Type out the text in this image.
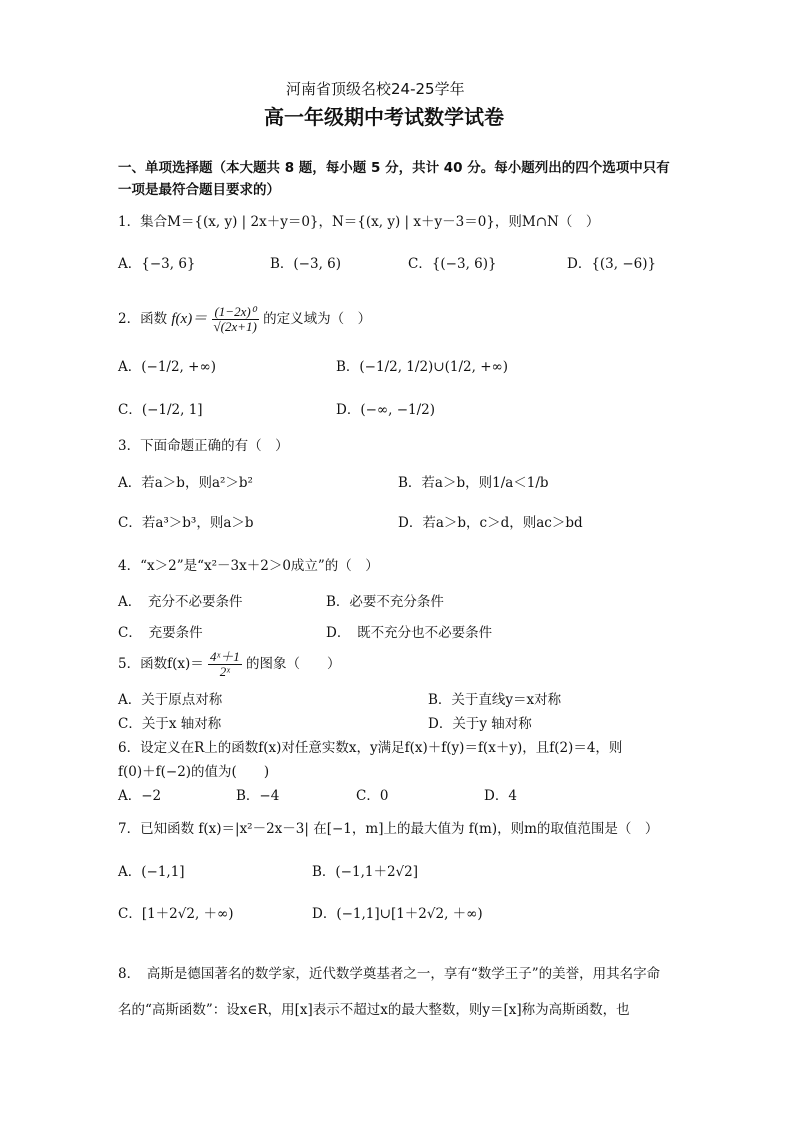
河南省顶级名校24-25学年
高一年级期中考试数学试卷
一、单项选择题（本大题共 8 题，每小题 5 分，共计 40 分。每小题列出的四个选项中只有
一项是最符合题目要求的）
1．集合M＝{(x, y) | 2x＋y＝0}，N＝{(x, y) | x＋y－3＝0}，则M∩N（　）
A．{−3, 6}	B．(−3, 6)	C．{(−3, 6)}	D．{(3, −6)}
2．函数 $f(x)= \frac{\text{(1−2x)⁰}}{√(2x+1)}$ 的定义域为（　）
A．(−1/2, +∞)	B．(−1/2, 1/2)∪(1/2, +∞)
C．(−1/2, 1]	D．(−∞, −1/2)
3．下面命题正确的有（　）
A．若a＞b，则a²＞b²	B．若a＞b，则1/a＜1/b
C．若a³＞b³，则a＞b	D．若a＞b，c＞d，则ac＞bd
4．“x＞2”是“x²－3x＋2＞0成立”的（　）
A．　充分不必要条件	B．必要不充分条件
C．　充要条件	D．　既不充分也不必要条件
5．函数$f(x)= \frac{\text{4ˣ＋1}}{\text{2ˣ}}$ 的图象（　　）
A．关于原点对称	B．关于直线y＝x对称
C．关于x 轴对称	D．关于y 轴对称
6．设定义在R上的函数f(x)对任意实数x，y满足f(x)＋f(y)＝f(x＋y)，且f(2)＝4，则
f(0)＋f(−2)的值为(　　)
A．−2	B．−4	C．0	D．4
7．已知函数 f(x)＝|x²－2x－3| 在[−1，m]上的最大值为 f(m)，则m的取值范围是（　）
A．(−1,1]	B．(−1,1＋2√2]
C．[1＋2√2, ＋∞)	D．(−1,1]∪[1＋2√2, ＋∞)
8．　高斯是德国著名的数学家，近代数学奠基者之一，享有“数学王子”的美誉，用其名字命
名的“高斯函数”：设x∈R，用[x]表示不超过x的最大整数，则y＝[x]称为高斯函数，也
